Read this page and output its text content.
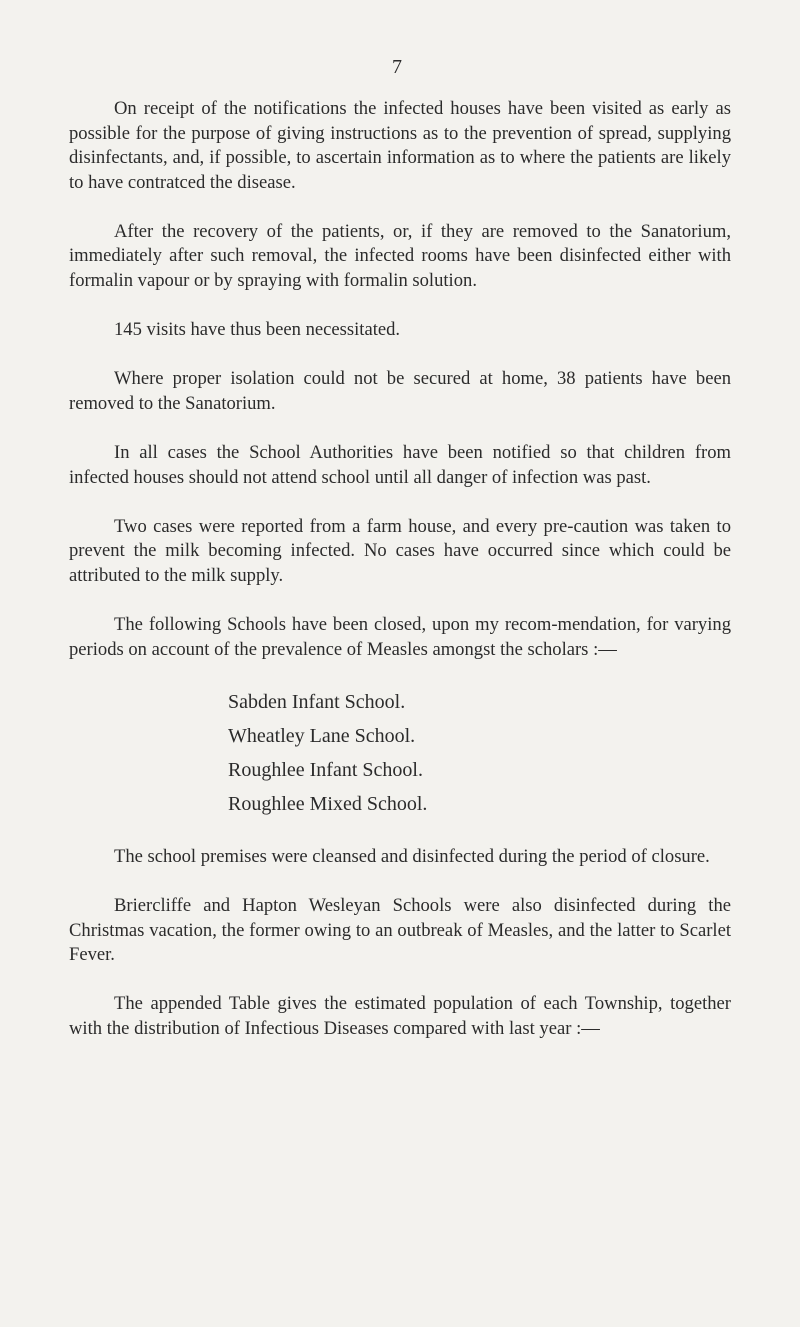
7

On receipt of the notifications the infected houses have been visited as early as possible for the purpose of giving instructions as to the prevention of spread, supplying disinfectants, and, if possible, to ascertain information as to where the patients are likely to have contratced the disease.

After the recovery of the patients, or, if they are removed to the Sanatorium, immediately after such removal, the infected rooms have been disinfected either with formalin vapour or by spraying with formalin solution.

145 visits have thus been necessitated.

Where proper isolation could not be secured at home, 38 patients have been removed to the Sanatorium.

In all cases the School Authorities have been notified so that children from infected houses should not attend school until all danger of infection was past.

Two cases were reported from a farm house, and every pre-caution was taken to prevent the milk becoming infected. No cases have occurred since which could be attributed to the milk supply.

The following Schools have been closed, upon my recom-mendation, for varying periods on account of the prevalence of Measles amongst the scholars :—

Sabden Infant School.
Wheatley Lane School.
Roughlee Infant School.
Roughlee Mixed School.

The school premises were cleansed and disinfected during the period of closure.

Briercliffe and Hapton Wesleyan Schools were also disinfected during the Christmas vacation, the former owing to an outbreak of Measles, and the latter to Scarlet Fever.

The appended Table gives the estimated population of each Township, together with the distribution of Infectious Diseases compared with last year :—
